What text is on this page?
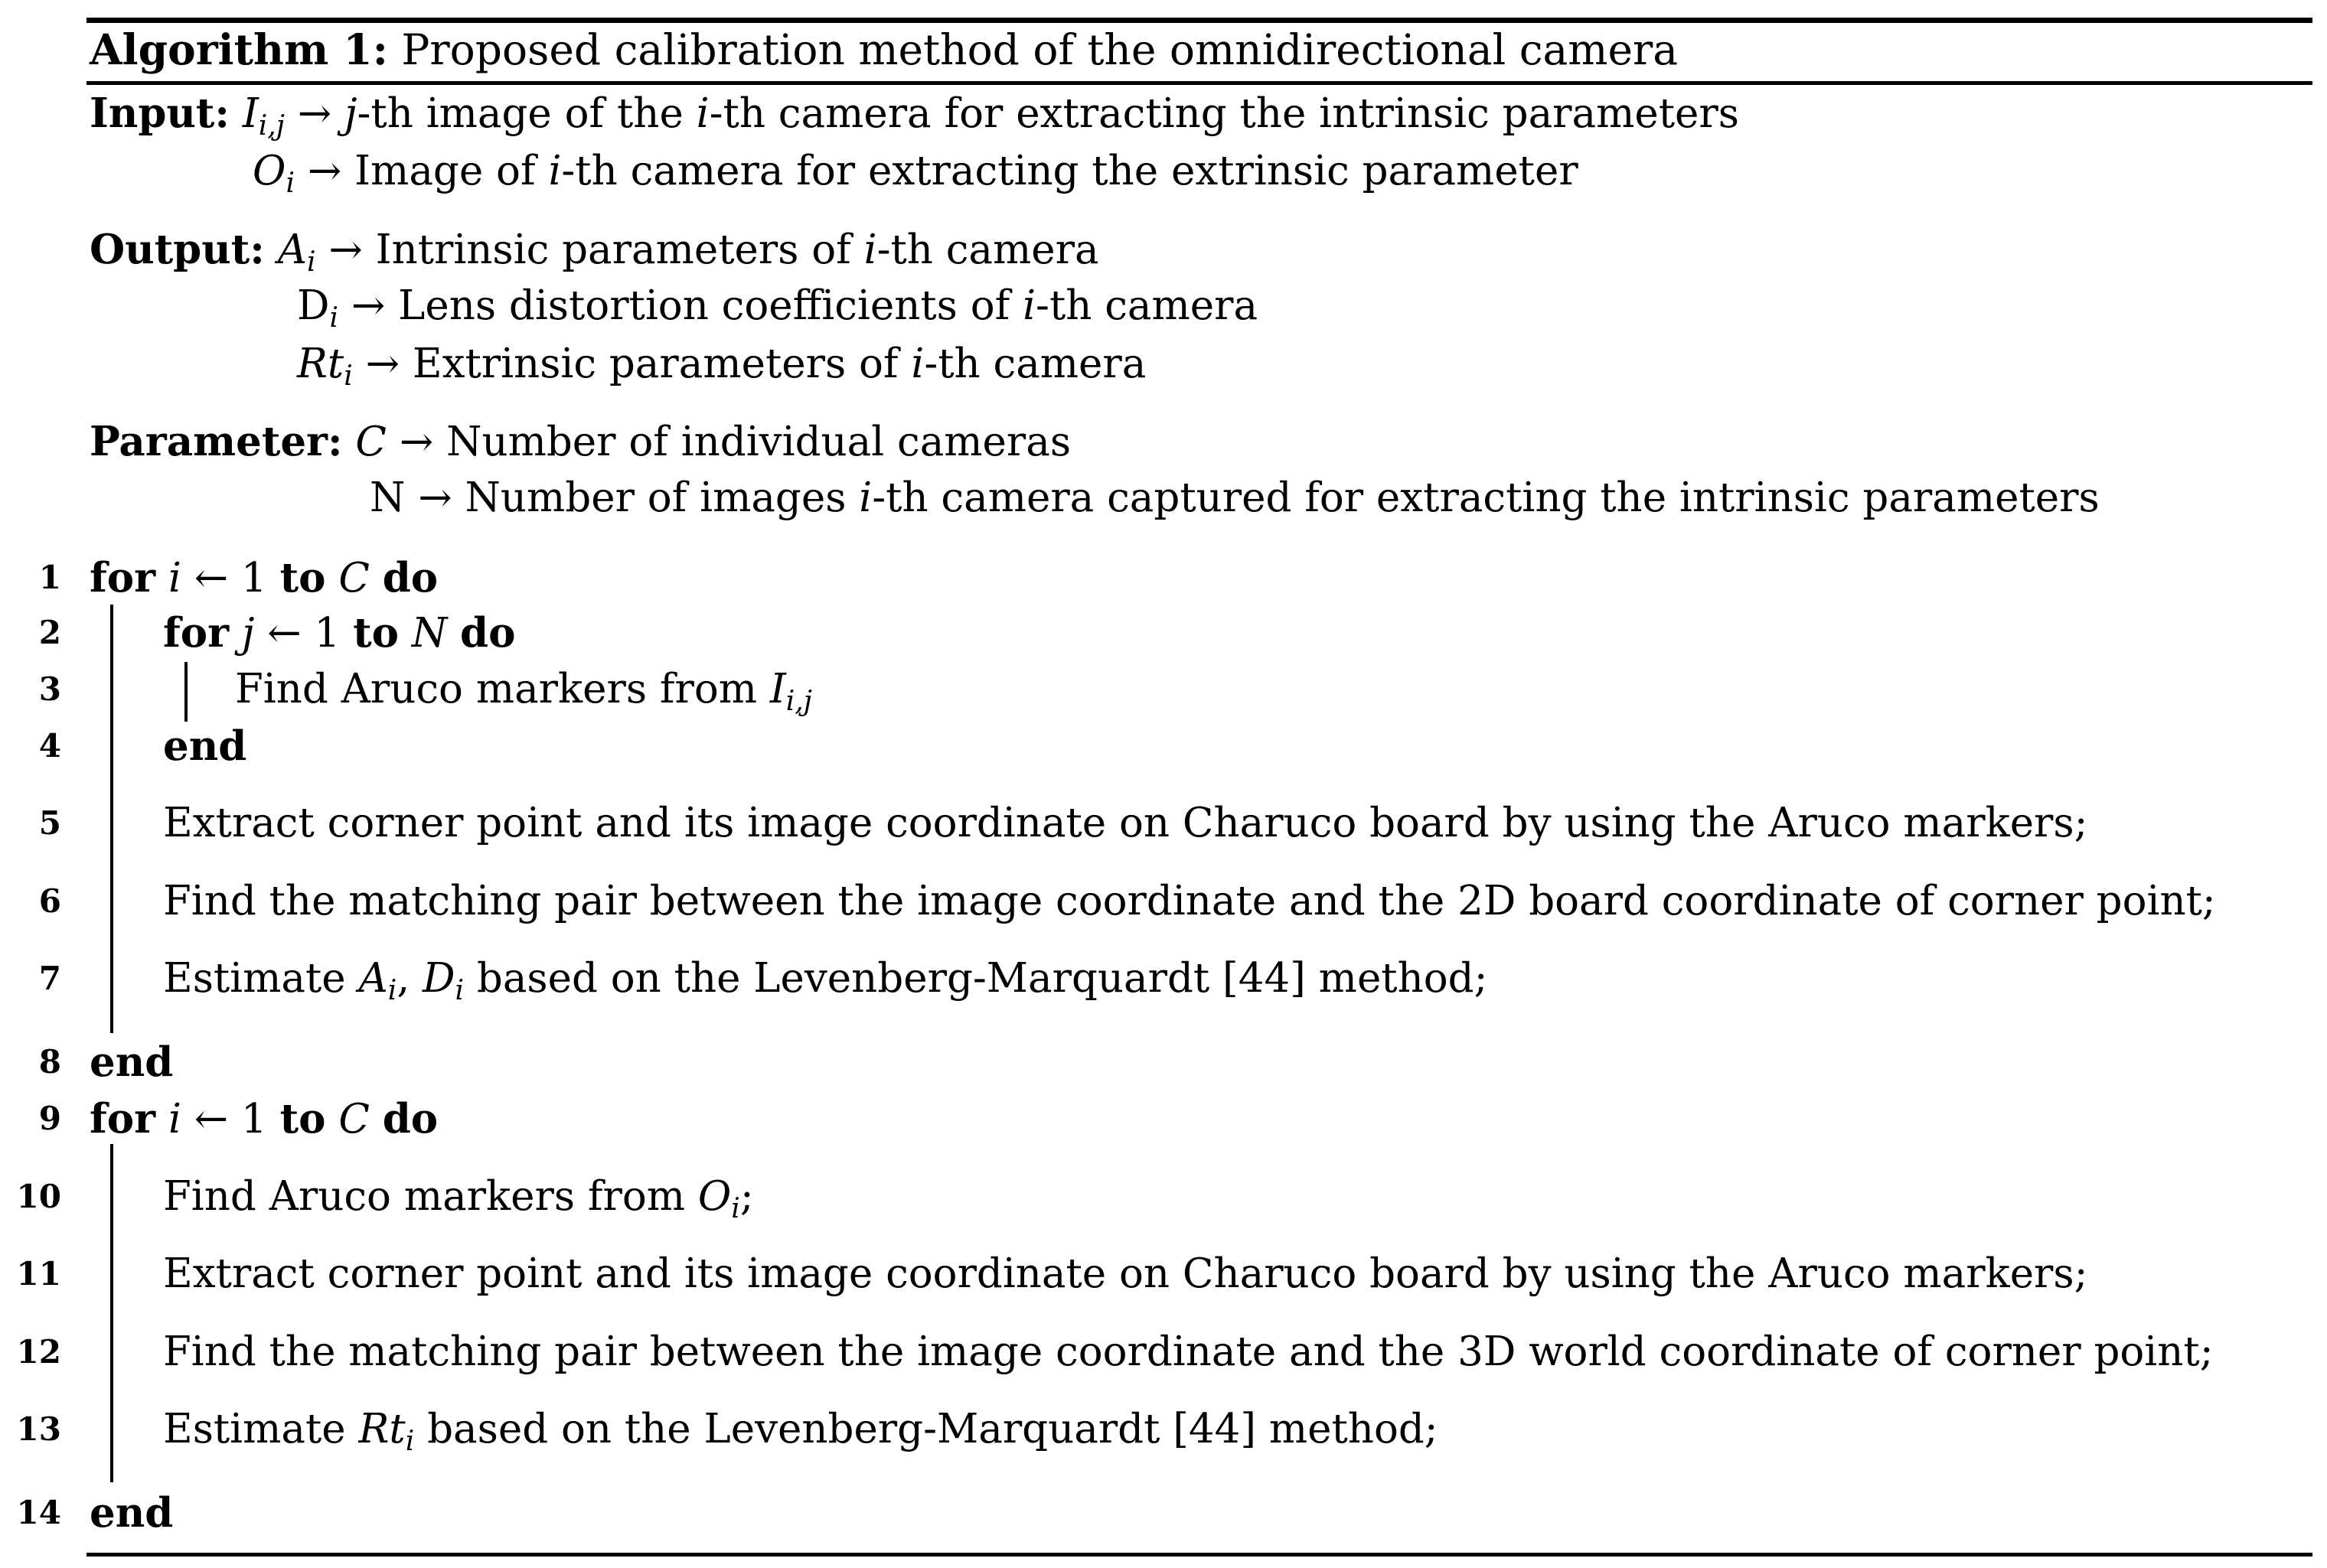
Algorithm 1: Proposed calibration method of the omnidirectional camera
Input: $I_{i,j} \to j-th$ image of the i-th camera for extracting the intrinsic parameters
$O_i$ → Image of i-th camera for extracting the extrinsic parameter
Output: $A_i$ → Intrinsic parameters of i-th camera
$D_i$ → Lens distortion coefficients of i-th camera
$Rt_i$ → Extrinsic parameters of i-th camera
Parameter: C → Number of individual cameras
N → Number of images i-th camera captured for extracting the intrinsic parameters
1
2
3
4
5
6
7
8
9
10
11
12
13
14
for i ← 1 to C do
for j ← 1 to N do
Find Aruco markers from $I_{i,j}$
end
Extract corner point and its image coordinate on Charuco board by using the Aruco markers;
Find the matching pair between the image coordinate and the 2D board coordinate of corner point;
Estimate $A_i$, $D_i$ based on the Levenberg-Marquardt [44] method;
end
for i ← 1 to C do
Find Aruco markers from $O_i$;
Extract corner point and its image coordinate on Charuco board by using the Aruco markers;
Find the matching pair between the image coordinate and the 3D world coordinate of corner point;
Estimate $Rt_i$ based on the Levenberg-Marquardt [44] method;
end
